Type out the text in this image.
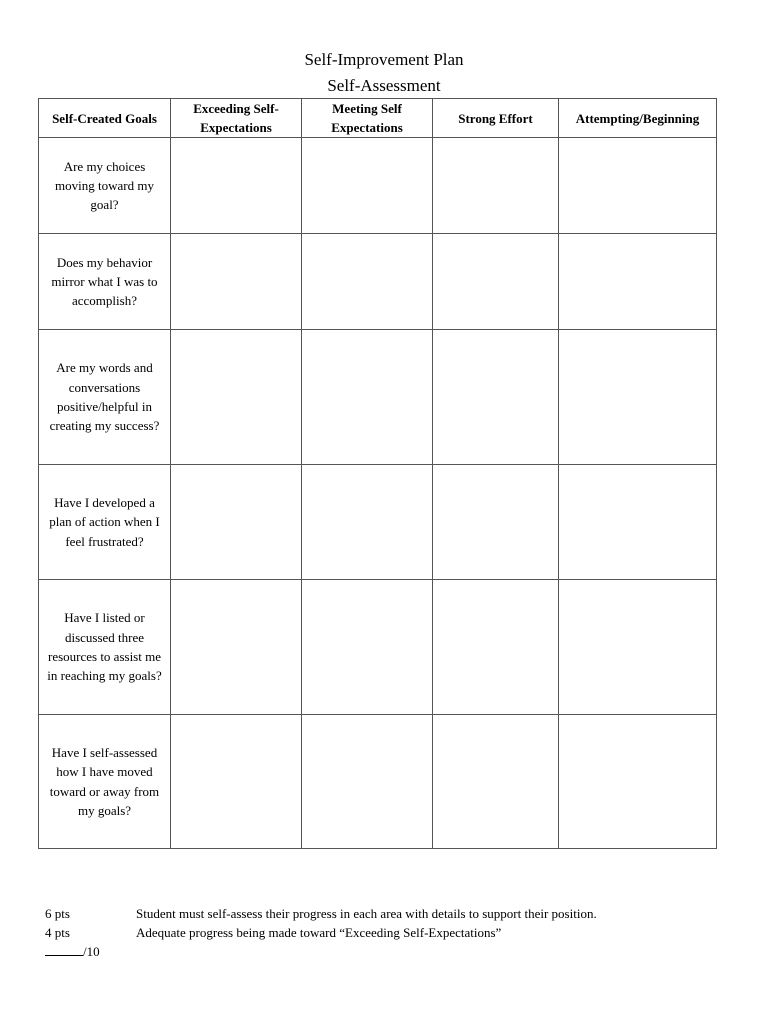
Self-Improvement Plan
Self-Assessment
Self-Created Goals	Exceeding Self-Expectations	Meeting Self Expectations	Strong Effort	Attempting/Beginning

Are my choices moving toward my goal?				

Does my behavior mirror what I was to accomplish?				

Are my words and conversations positive/helpful in creating my success?				

Have I developed a plan of action when I feel frustrated?				

Have I listed or discussed three resources to assist me in reaching my goals?				

Have I self-assessed how I have moved toward or away from my goals?				

6 pts	Student must self-assess their progress in each area with details to support their position.
4 pts	Adequate progress being made toward “Exceeding Self-Expectations”
/10
